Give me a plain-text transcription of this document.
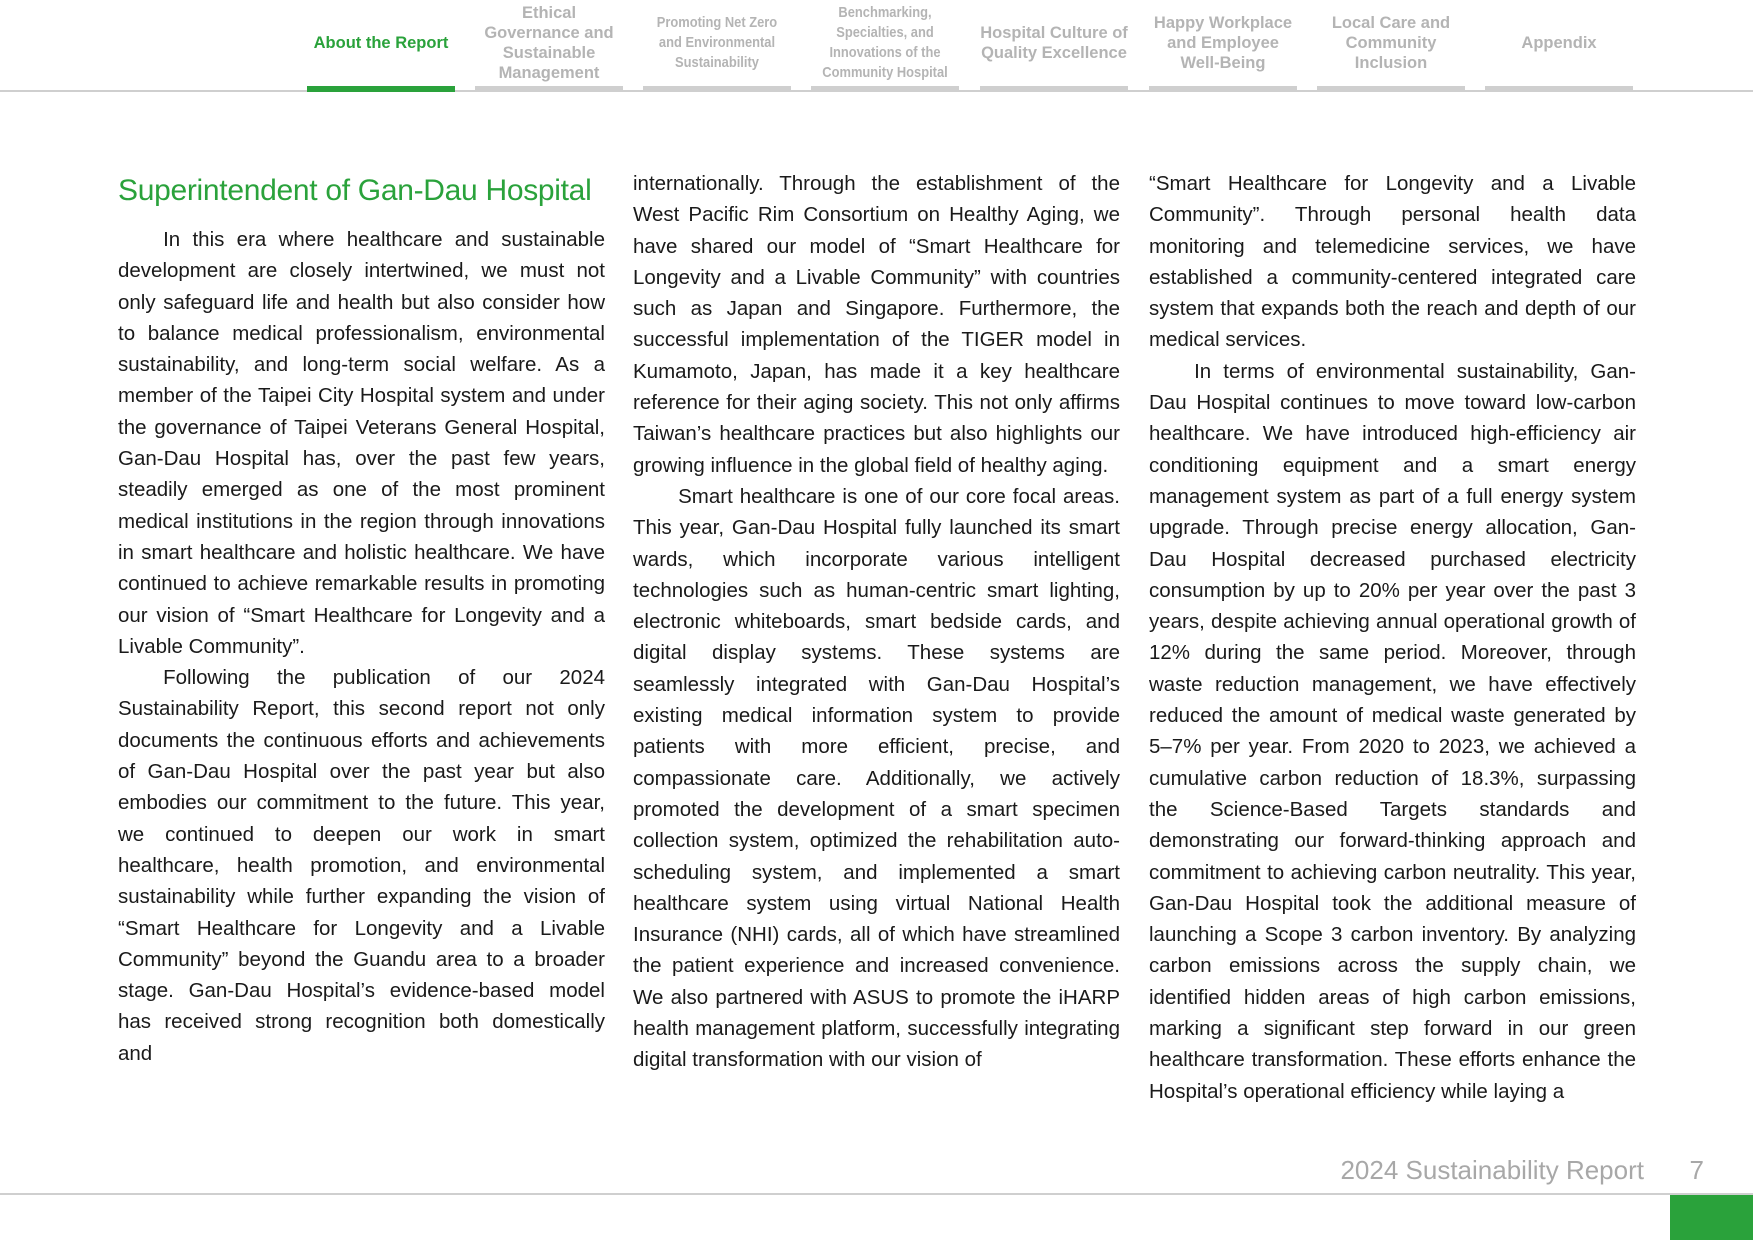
About the Report
Ethical Governance and Sustainable Management
Promoting Net Zero and Environmental Sustainability
Benchmarking, Specialties, and Innovations of the Community Hospital
Hospital Culture of Quality Excellence
Happy Workplace and Employee Well-Being
Local Care and Community Inclusion
Appendix
Superintendent of Gan-Dau Hospital

In this era where healthcare and sustainable development are closely intertwined, we must not only safeguard life and health but also consider how to balance medical professionalism, environmental sustainability, and long-term social welfare. As a member of the Taipei City Hospital system and under the governance of Taipei Veterans General Hospital, Gan-Dau Hospital has, over the past few years, steadily emerged as one of the most prominent medical institutions in the region through innovations in smart healthcare and holistic healthcare. We have continued to achieve remarkable results in promoting our vision of “Smart Healthcare for Longevity and a Livable Community”.

Following the publication of our 2024 Sustainability Report, this second report not only documents the continuous efforts and achievements of Gan-Dau Hospital over the past year but also embodies our commitment to the future. This year, we continued to deepen our work in smart healthcare, health promotion, and environmental sustainability while further expanding the vision of “Smart Healthcare for Longevity and a Livable Community” beyond the Guandu area to a broader stage. Gan-Dau Hospital’s evidence-based model has received strong recognition both domestically and

internationally. Through the establishment of the West Pacific Rim Consortium on Healthy Aging, we have shared our model of “Smart Healthcare for Longevity and a Livable Community” with countries such as Japan and Singapore. Furthermore, the successful implementation of the TIGER model in Kumamoto, Japan, has made it a key healthcare reference for their aging society. This not only affirms Taiwan’s healthcare practices but also highlights our growing influence in the global field of healthy aging.

Smart healthcare is one of our core focal areas. This year, Gan-Dau Hospital fully launched its smart wards, which incorporate various intelligent technologies such as human-centric smart lighting, electronic whiteboards, smart bedside cards, and digital display systems. These systems are seamlessly integrated with Gan-Dau Hospital’s existing medical information system to provide patients with more efficient, precise, and compassionate care. Additionally, we actively promoted the development of a smart specimen collection system, optimized the rehabilitation auto-scheduling system, and implemented a smart healthcare system using virtual National Health Insurance (NHI) cards, all of which have streamlined the patient experience and increased convenience. We also partnered with ASUS to promote the iHARP health management platform, successfully integrating digital transformation with our vision of

“Smart Healthcare for Longevity and a Livable Community”. Through personal health data monitoring and telemedicine services, we have established a community-centered integrated care system that expands both the reach and depth of our medical services.

In terms of environmental sustainability, Gan-Dau Hospital continues to move toward low-carbon healthcare. We have introduced high-efficiency air conditioning equipment and a smart energy management system as part of a full energy system upgrade. Through precise energy allocation, Gan-Dau Hospital decreased purchased electricity consumption by up to 20% per year over the past 3 years, despite achieving annual operational growth of 12% during the same period. Moreover, through waste reduction management, we have effectively reduced the amount of medical waste generated by 5–7% per year. From 2020 to 2023, we achieved a cumulative carbon reduction of 18.3%, surpassing the Science-Based Targets standards and demonstrating our forward-thinking approach and commitment to achieving carbon neutrality. This year, Gan-Dau Hospital took the additional measure of launching a Scope 3 carbon inventory. By analyzing carbon emissions across the supply chain, we identified hidden areas of high carbon emissions, marking a significant step forward in our green healthcare transformation. These efforts enhance the Hospital’s operational efficiency while laying a

2024 Sustainability Report	7
